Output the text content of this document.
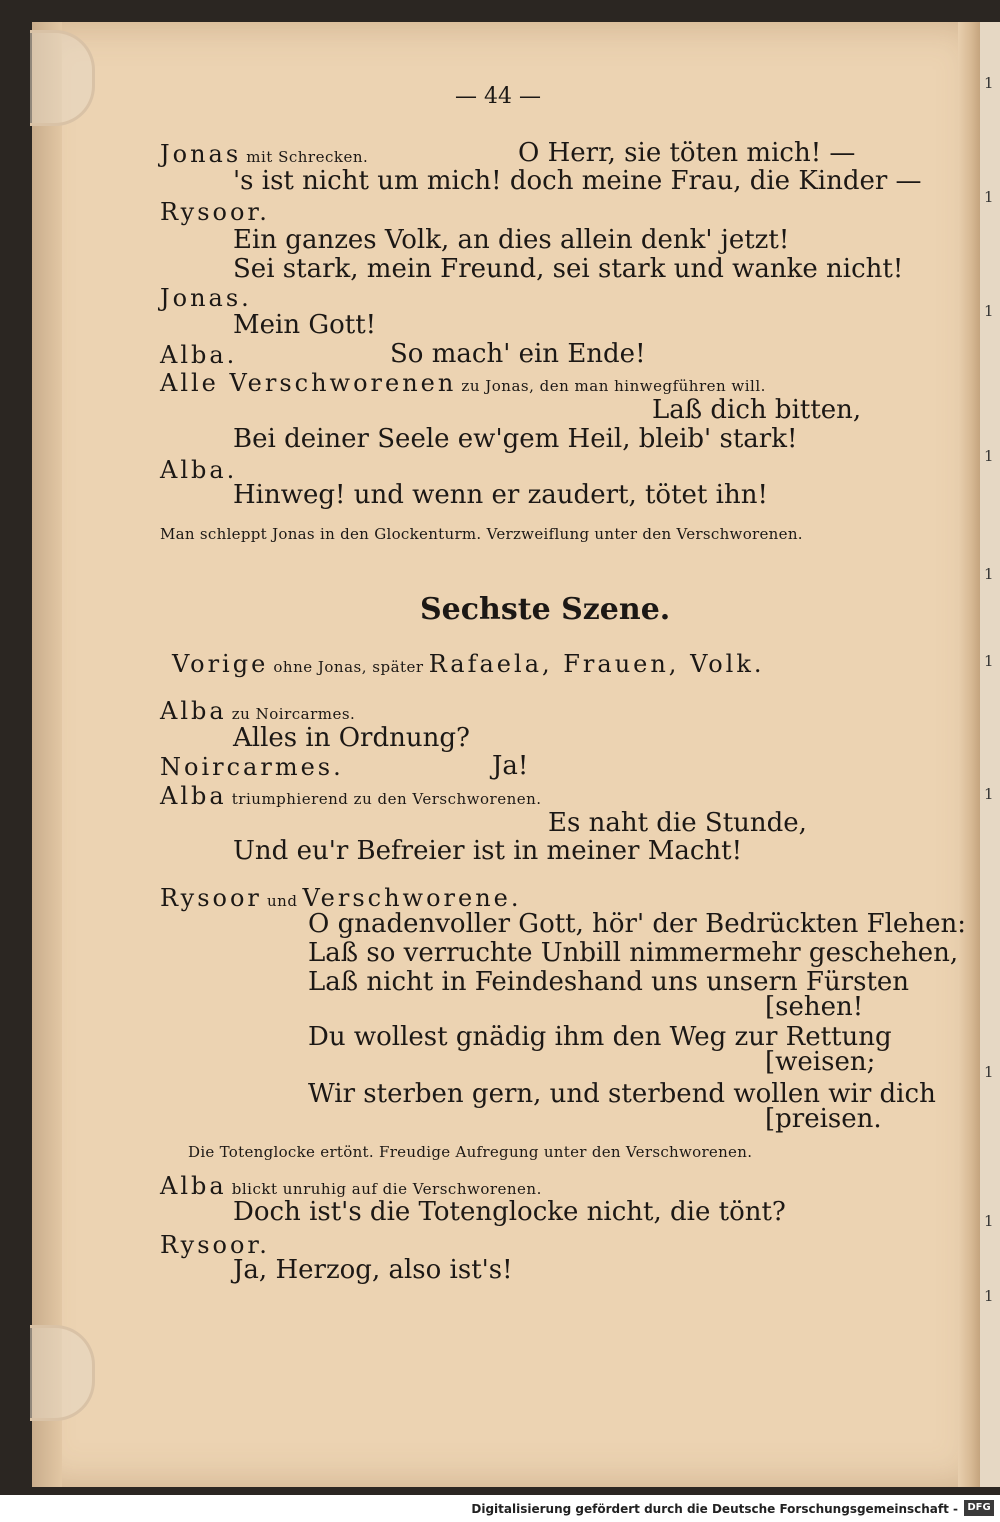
1
1
1
1
1
1
1
1
1
1
— 44 —
Jonas mit Schrecken.	O Herr, sie töten mich! —
's ist nicht um mich! doch meine Frau, die Kinder —
Rysoor.
Ein ganzes Volk, an dies allein denk' jetzt!
Sei stark, mein Freund, sei stark und wanke nicht!
Jonas.
Mein Gott!
Alba.	So mach' ein Ende!
Alle Verschworenen zu Jonas, den man hinwegführen will.
Laß dich bitten,
Bei deiner Seele ew'gem Heil, bleib' stark!
Alba.
Hinweg! und wenn er zaudert, tötet ihn!
Man schleppt Jonas in den Glockenturm. Verzweiflung unter den Verschworenen.
Sechste Szene.
Vorige ohne Jonas, später Rafaela, Frauen, Volk.
Alba zu Noircarmes.
Alles in Ordnung?
Noircarmes.	Ja!
Alba triumphierend zu den Verschworenen.
Es naht die Stunde,
Und eu'r Befreier ist in meiner Macht!
Rysoor und Verschworene.
O gnadenvoller Gott, hör' der Bedrückten Flehen:
Laß so verruchte Unbill nimmermehr geschehen,
Laß nicht in Feindeshand uns unsern Fürsten
[sehen!
Du wollest gnädig ihm den Weg zur Rettung
[weisen;
Wir sterben gern, und sterbend wollen wir dich
[preisen.
Die Totenglocke ertönt. Freudige Aufregung unter den Verschworenen.
Alba blickt unruhig auf die Verschworenen.
Doch ist's die Totenglocke nicht, die tönt?
Rysoor.
Ja, Herzog, also ist's!
Digitalisierung gefördert durch die Deutsche Forschungsgemeinschaft - DFG
